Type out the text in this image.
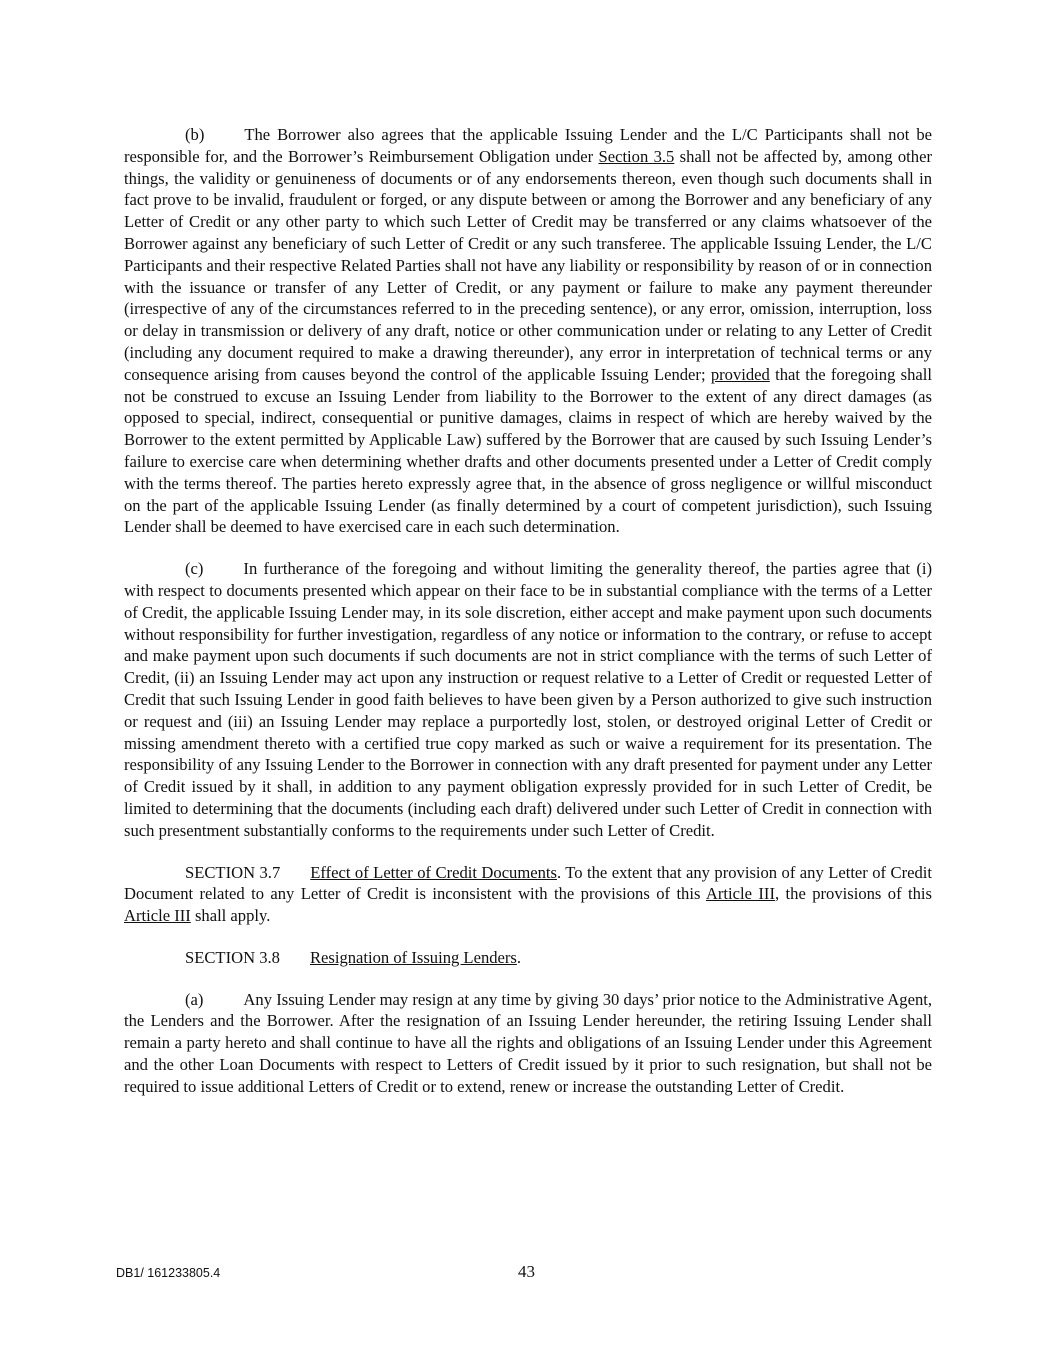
(b) The Borrower also agrees that the applicable Issuing Lender and the L/C Participants shall not be responsible for, and the Borrower’s Reimbursement Obligation under Section 3.5 shall not be affected by, among other things, the validity or genuineness of documents or of any endorsements thereon, even though such documents shall in fact prove to be invalid, fraudulent or forged, or any dispute between or among the Borrower and any beneficiary of any Letter of Credit or any other party to which such Letter of Credit may be transferred or any claims whatsoever of the Borrower against any beneficiary of such Letter of Credit or any such transferee. The applicable Issuing Lender, the L/C Participants and their respective Related Parties shall not have any liability or responsibility by reason of or in connection with the issuance or transfer of any Letter of Credit, or any payment or failure to make any payment thereunder (irrespective of any of the circumstances referred to in the preceding sentence), or any error, omission, interruption, loss or delay in transmission or delivery of any draft, notice or other communication under or relating to any Letter of Credit (including any document required to make a drawing thereunder), any error in interpretation of technical terms or any consequence arising from causes beyond the control of the applicable Issuing Lender; provided that the foregoing shall not be construed to excuse an Issuing Lender from liability to the Borrower to the extent of any direct damages (as opposed to special, indirect, consequential or punitive damages, claims in respect of which are hereby waived by the Borrower to the extent permitted by Applicable Law) suffered by the Borrower that are caused by such Issuing Lender’s failure to exercise care when determining whether drafts and other documents presented under a Letter of Credit comply with the terms thereof. The parties hereto expressly agree that, in the absence of gross negligence or willful misconduct on the part of the applicable Issuing Lender (as finally determined by a court of competent jurisdiction), such Issuing Lender shall be deemed to have exercised care in each such determination.

(c) In furtherance of the foregoing and without limiting the generality thereof, the parties agree that (i) with respect to documents presented which appear on their face to be in substantial compliance with the terms of a Letter of Credit, the applicable Issuing Lender may, in its sole discretion, either accept and make payment upon such documents without responsibility for further investigation, regardless of any notice or information to the contrary, or refuse to accept and make payment upon such documents if such documents are not in strict compliance with the terms of such Letter of Credit, (ii) an Issuing Lender may act upon any instruction or request relative to a Letter of Credit or requested Letter of Credit that such Issuing Lender in good faith believes to have been given by a Person authorized to give such instruction or request and (iii) an Issuing Lender may replace a purportedly lost, stolen, or destroyed original Letter of Credit or missing amendment thereto with a certified true copy marked as such or waive a requirement for its presentation. The responsibility of any Issuing Lender to the Borrower in connection with any draft presented for payment under any Letter of Credit issued by it shall, in addition to any payment obligation expressly provided for in such Letter of Credit, be limited to determining that the documents (including each draft) delivered under such Letter of Credit in connection with such presentment substantially conforms to the requirements under such Letter of Credit.

SECTION 3.7 Effect of Letter of Credit Documents. To the extent that any provision of any Letter of Credit Document related to any Letter of Credit is inconsistent with the provisions of this Article III, the provisions of this Article III shall apply.

SECTION 3.8 Resignation of Issuing Lenders.

(a) Any Issuing Lender may resign at any time by giving 30 days’ prior notice to the Administrative Agent, the Lenders and the Borrower. After the resignation of an Issuing Lender hereunder, the retiring Issuing Lender shall remain a party hereto and shall continue to have all the rights and obligations of an Issuing Lender under this Agreement and the other Loan Documents with respect to Letters of Credit issued by it prior to such resignation, but shall not be required to issue additional Letters of Credit or to extend, renew or increase the outstanding Letter of Credit.

DB1/ 161233805.4	43
